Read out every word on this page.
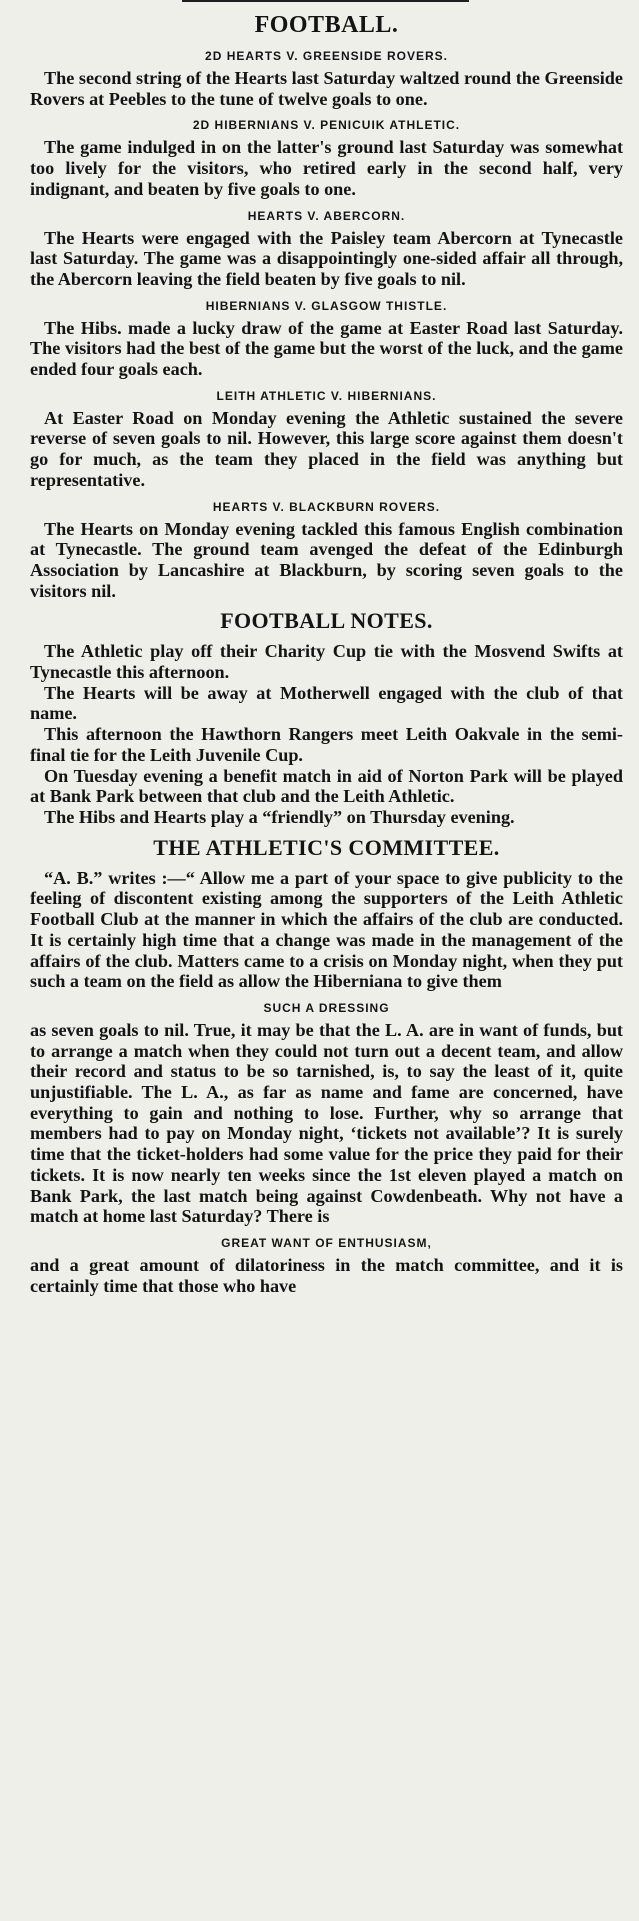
FOOTBALL.
2D HEARTS V. GREENSIDE ROVERS.

The second string of the Hearts last Saturday waltzed round the Greenside Rovers at Peebles to the tune of twelve goals to one.

2D HIBERNIANS V. PENICUIK ATHLETIC.

The game indulged in on the latter's ground last Saturday was somewhat too lively for the visitors, who retired early in the second half, very indignant, and beaten by five goals to one.

HEARTS V. ABERCORN.

The Hearts were engaged with the Paisley team Abercorn at Tynecastle last Saturday. The game was a disappointingly one-sided affair all through, the Abercorn leaving the field beaten by five goals to nil.

HIBERNIANS V. GLASGOW THISTLE.

The Hibs. made a lucky draw of the game at Easter Road last Saturday. The visitors had the best of the game but the worst of the luck, and the game ended four goals each.

LEITH ATHLETIC V. HIBERNIANS.

At Easter Road on Monday evening the Athletic sustained the severe reverse of seven goals to nil. However, this large score against them doesn't go for much, as the team they placed in the field was anything but representative.

HEARTS V. BLACKBURN ROVERS.

The Hearts on Monday evening tackled this famous English combination at Tynecastle. The ground team avenged the defeat of the Edinburgh Association by Lancashire at Blackburn, by scoring seven goals to the visitors nil.

FOOTBALL NOTES.

The Athletic play off their Charity Cup tie with the Mosvend Swifts at Tynecastle this afternoon.

The Hearts will be away at Motherwell engaged with the club of that name.

This afternoon the Hawthorn Rangers meet Leith Oakvale in the semi-final tie for the Leith Juvenile Cup.

On Tuesday evening a benefit match in aid of Norton Park will be played at Bank Park between that club and the Leith Athletic.

The Hibs and Hearts play a “friendly” on Thursday evening.

THE ATHLETIC'S COMMITTEE.

“A. B.” writes :—“ Allow me a part of your space to give publicity to the feeling of discontent existing among the supporters of the Leith Athletic Football Club at the manner in which the affairs of the club are conducted. It is certainly high time that a change was made in the management of the affairs of the club. Matters came to a crisis on Monday night, when they put such a team on the field as allow the Hiberniana to give them

SUCH A DRESSING

as seven goals to nil. True, it may be that the L. A. are in want of funds, but to arrange a match when they could not turn out a decent team, and allow their record and status to be so tarnished, is, to say the least of it, quite unjustifiable. The L. A., as far as name and fame are concerned, have everything to gain and nothing to lose. Further, why so arrange that members had to pay on Monday night, ‘tickets not available’? It is surely time that the ticket-holders had some value for the price they paid for their tickets. It is now nearly ten weeks since the 1st eleven played a match on Bank Park, the last match being against Cowdenbeath. Why not have a match at home last Saturday? There is

GREAT WANT OF ENTHUSIASM,

and a great amount of dilatoriness in the match committee, and it is certainly time that those who have
